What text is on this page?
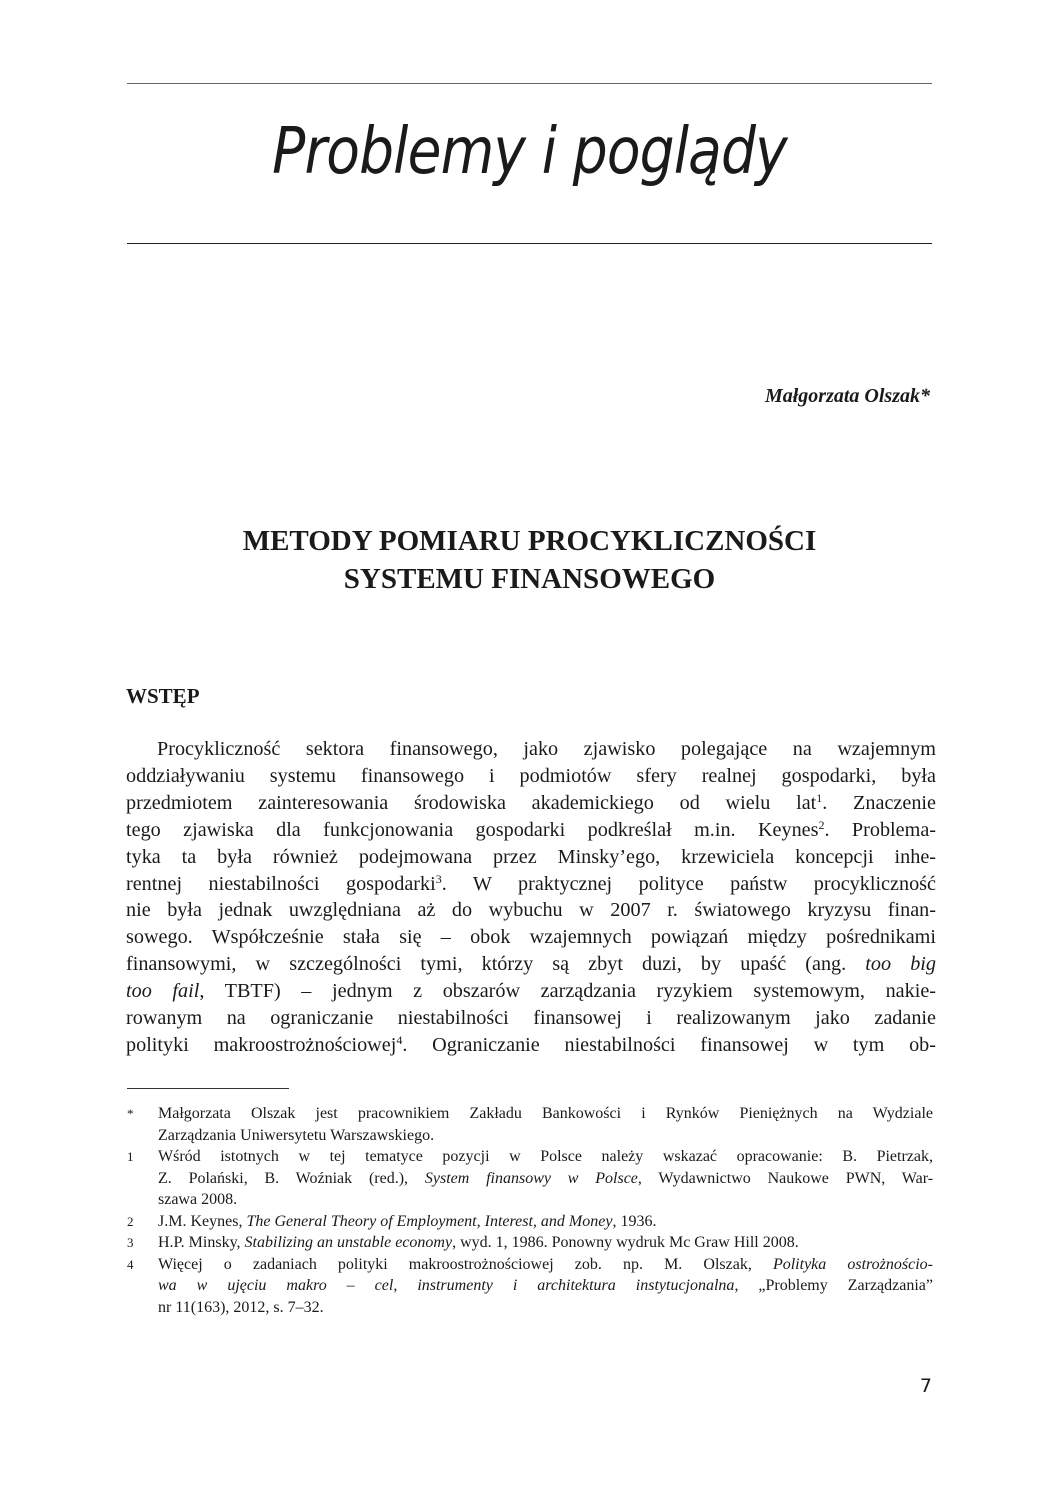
Problemy i poglądy
Małgorzata Olszak*
METODY POMIARU PROCYKLICZNOŚCI
SYSTEMU FINANSOWEGO
WSTĘP
Procykliczność sektora finansowego, jako zjawisko polegające na wzajemnym
oddziaływaniu systemu finansowego i podmiotów sfery realnej gospodarki, była
przedmiotem zainteresowania środowiska akademickiego od wielu lat$^1$. Znaczenie
tego zjawiska dla funkcjonowania gospodarki podkreślał m.in. Keynes$^2$. Problema-
tyka ta była również podejmowana przez Minsky’ego, krzewiciela koncepcji inhe-
rentnej niestabilności gospodarki$^3$. W praktycznej polityce państw procykliczność
nie była jednak uwzględniana aż do wybuchu w 2007 r. światowego kryzysu finan-
sowego. Współcześnie stała się – obok wzajemnych powiązań między pośrednikami
finansowymi, w szczególności tymi, którzy są zbyt duzi, by upaść (ang. too big
too fail, TBTF) – jednym z obszarów zarządzania ryzykiem systemowym, nakie-
rowanym na ograniczanie niestabilności finansowej i realizowanym jako zadanie
polityki makroostrożnościowej$^4$. Ograniczanie niestabilności finansowej w tym ob-
*	Małgorzata Olszak jest pracownikiem Zakładu Bankowości i Rynków Pieniężnych na Wydziale
Zarządzania Uniwersytetu Warszawskiego.
1	Wśród istotnych w tej tematyce pozycji w Polsce należy wskazać opracowanie: B. Pietrzak,
Z. Polański, B. Woźniak (red.), System finansowy w Polsce, Wydawnictwo Naukowe PWN, War-
szawa 2008.
2	J.M. Keynes, The General Theory of Employment, Interest, and Money, 1936.
3	H.P. Minsky, Stabilizing an unstable economy, wyd. 1, 1986. Ponowny wydruk Mc Graw Hill 2008.
4	Więcej o zadaniach polityki makroostrożnościowej zob. np. M. Olszak, Polityka ostrożnościo-
wa w ujęciu makro – cel, instrumenty i architektura instytucjonalna, „Problemy Zarządzania”
nr 11(163), 2012, s. 7–32.
7
